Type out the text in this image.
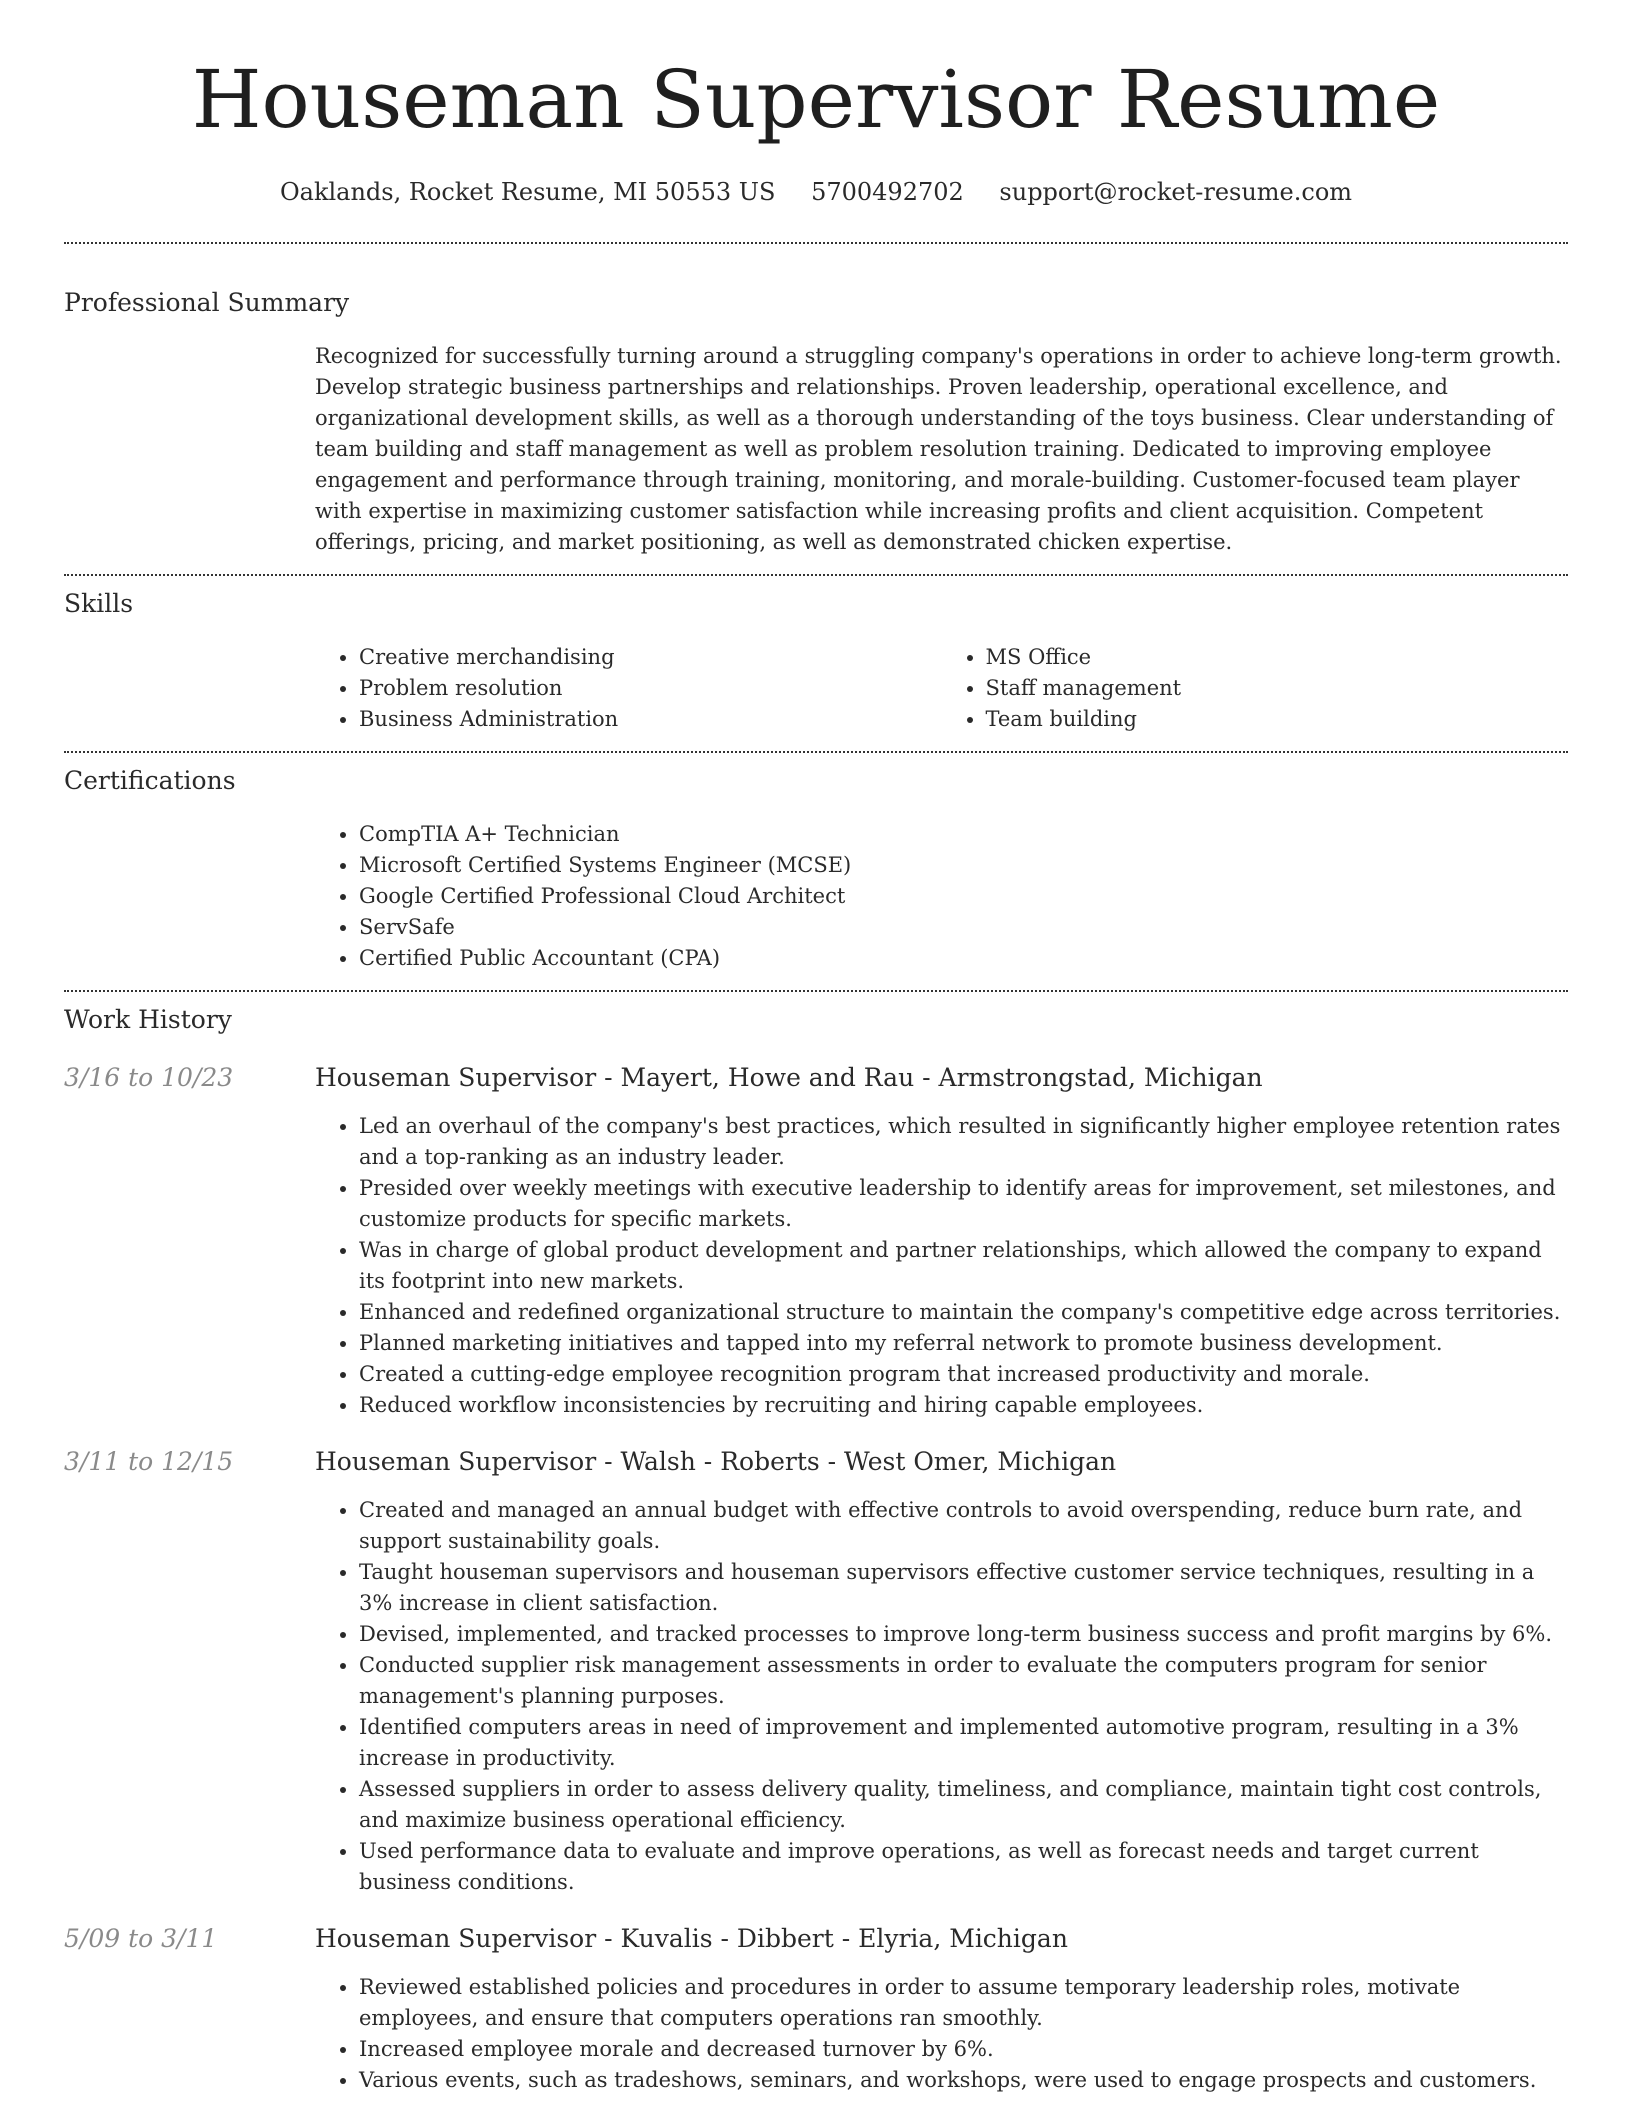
Houseman Supervisor Resume
Oaklands, Rocket Resume, MI 50553 US 5700492702 support@rocket-resume.com
Professional Summary
Recognized for successfully turning around a struggling company's operations in order to achieve long-term growth. Develop strategic business partnerships and relationships. Proven leadership, operational excellence, and organizational development skills, as well as a thorough understanding of the toys business. Clear understanding of team building and staff management as well as problem resolution training. Dedicated to improving employee engagement and performance through training, monitoring, and morale-building. Customer-focused team player with expertise in maximizing customer satisfaction while increasing profits and client acquisition. Competent offerings, pricing, and market positioning, as well as demonstrated chicken expertise.
Skills
• Creative merchandising
• Problem resolution
• Business Administration
• MS Office
• Staff management
• Team building
Certifications
• CompTIA A+ Technician
• Microsoft Certified Systems Engineer (MCSE)
• Google Certified Professional Cloud Architect
• ServSafe
• Certified Public Accountant (CPA)
Work History
3/16 to 10/23	Houseman Supervisor - Mayert, Howe and Rau - Armstrongstad, Michigan
• Led an overhaul of the company's best practices, which resulted in significantly higher employee retention rates and a top-ranking as an industry leader.
• Presided over weekly meetings with executive leadership to identify areas for improvement, set milestones, and customize products for specific markets.
• Was in charge of global product development and partner relationships, which allowed the company to expand its footprint into new markets.
• Enhanced and redefined organizational structure to maintain the company's competitive edge across territories.
• Planned marketing initiatives and tapped into my referral network to promote business development.
• Created a cutting-edge employee recognition program that increased productivity and morale.
• Reduced workflow inconsistencies by recruiting and hiring capable employees.
3/11 to 12/15	Houseman Supervisor - Walsh - Roberts - West Omer, Michigan
• Created and managed an annual budget with effective controls to avoid overspending, reduce burn rate, and support sustainability goals.
• Taught houseman supervisors and houseman supervisors effective customer service techniques, resulting in a 3% increase in client satisfaction.
• Devised, implemented, and tracked processes to improve long-term business success and profit margins by 6%.
• Conducted supplier risk management assessments in order to evaluate the computers program for senior management's planning purposes.
• Identified computers areas in need of improvement and implemented automotive program, resulting in a 3% increase in productivity.
• Assessed suppliers in order to assess delivery quality, timeliness, and compliance, maintain tight cost controls, and maximize business operational efficiency.
• Used performance data to evaluate and improve operations, as well as forecast needs and target current business conditions.
5/09 to 3/11	Houseman Supervisor - Kuvalis - Dibbert - Elyria, Michigan
• Reviewed established policies and procedures in order to assume temporary leadership roles, motivate employees, and ensure that computers operations ran smoothly.
• Increased employee morale and decreased turnover by 6%.
• Various events, such as tradeshows, seminars, and workshops, were used to engage prospects and customers.
